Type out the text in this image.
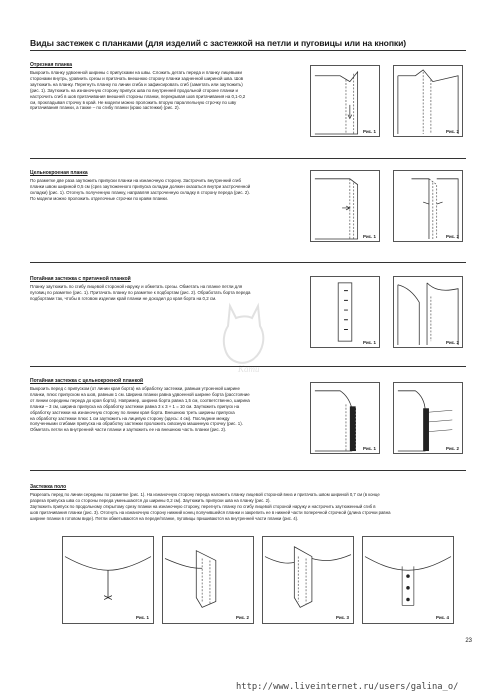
Виды застежек с планками (для изделий с застежкой на петли и пуговицы или на кнопки)
Отрезная планка
Выкроить планку удвоенной ширины с припусками на швы. Сложить детать переда и планку лицевыми
сторонами внутрь, уравнить срезы и притачать внешнюю сторону планки задненной шириной шва. Шов
заутюжить на планку. Перегнуть планку по линии сгиба и зафиксировать сгиб (заметать или заутюжить)
(рис. 1). Заутюжить на изнаночную сторону припуск шва по внутренней продольной стороне планки и
настрочить сгиб в шов притачивания внешней стороны планки, перекрывая шов притачивания на 0,1-0,2
см, прокладывая строчку в край. Не модели можно проложить вторую параллельную строчку по шву
притачивания планки, а также – по сгибу планки (краю застежки) (рис. 2).
Рис. 1	Рис. 2
Цельнокроеная планка
По разметке две раза заутюжить припуски планки на изнаночную сторону. Застрочить внутренний сгиб
планки швом шириной 0,5 см (срез заутюженного припуска складки должен оказаться внутри застроченной
складки) (рис. 1). Отогнуть полученную планку, направляя застроченную складку в сторону переда (рис. 2).
По модели можно проложить отделочные строчки по краям планки.
Рис. 1	Рис. 2
Потайная застежка с притачной планкой
Планку заутюжить по сгибу лицевой стороной наружу и обметать срезы. Обметать на планке петли для
пуговиц по разметке (рис. 1). Притачать планку по разметке к подбортам (рис. 2). Обработать борта переда
подбортами так, чтобы в готовом изделии край планки не доходил до края борта на 0,2 см.
Рис. 1	Рис. 2
Потайная застежка с цельнокроеной планкой
Выкроить перед с припуском (от линии края борта) на обработку застежки, равным утроенной ширине
планки, плюс припуском на шов, равным 1 см. Ширина планки равна удвоенной ширине борта (расстояние
от линии середины переда до края борта). Например, ширина борта равна 1,5 см, соответственно, ширина
планки – 3 см, ширина припуска на обработку застежки равна 3 х 3 + 1 = 10 см. Заутюжить припуск на
обработку застежки на изнаночную сторону по линии края борта. Внешнюю треть ширины припуска
на обработку застежки плюс 1 см заутюжить на лицевую сторону (здесь: 4 см). Последние между
полученными сгибами припуска на обработку застежки проложить сквозную машинную строчку (рис. 1).
Обметать петли на внутренней части планки и заутюжить ее на внешнюю часть планки (рис. 2).
Рис. 1	Рис. 2
Застежка поло
Разрезать перед по линии середины по разметке (рис. 1). На изнаночную сторону переда наложить планку лицевой стороной вниз и притачать швом шириной 0,7 см (в конце
разреза припуска шва со стороны переда уменьшаются до ширины 0,2 см). Заутюжить припуски шва на планку (рис. 2).
Заутюжить припуск по продольному открытому срезу планки на изнаночную сторону, перегнуть планку по сгибу лицевой стороной наружу и настрочить заутюженный сгиб в
шов притачивания планки (рис. 3). Отогнуть на изнаночную сторону нижний конец получившейся планки и закрепить ее в нижней части поперечной строчкой (длина строчки равна
ширине планки в готовом виде). Петли обметываются на переде/планке, пуговицы пришиваются на внутренней части планки (рис. 4).
Рис. 1	Рис. 2	Рис. 3	Рис. 4
Кати
23
http://www.liveinternet.ru/users/galina_o/
